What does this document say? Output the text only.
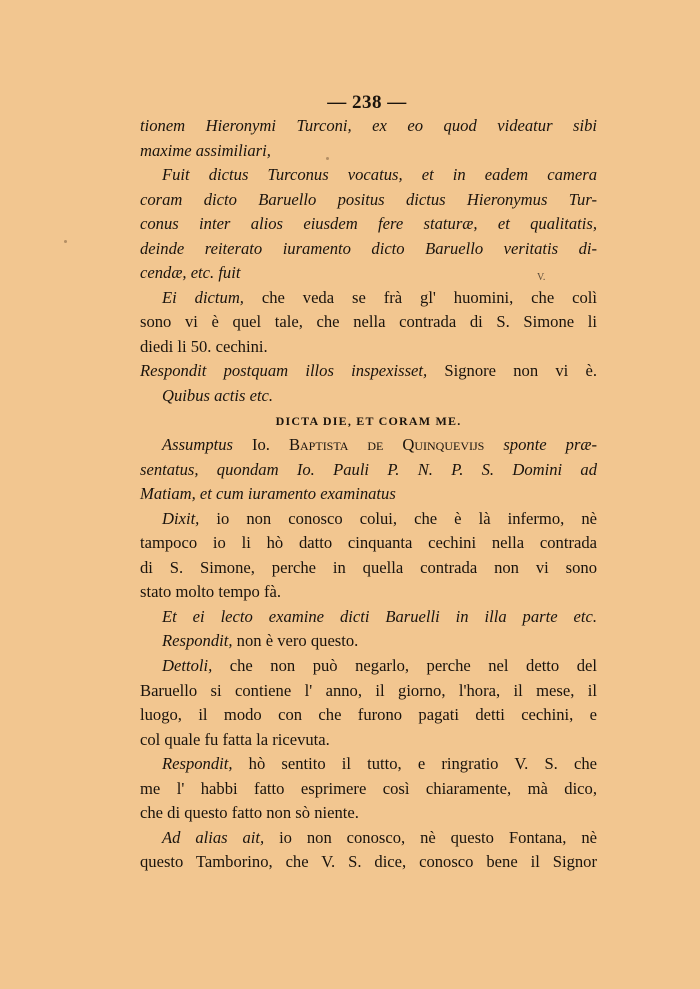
— 238 —
V.
tionem Hieronymi Turconi, ex eo quod videatur sibi
maxime assimiliari,
Fuit dictus Turconus vocatus, et in eadem camera
coram dicto Baruello positus dictus Hieronymus Tur-
conus inter alios eiusdem fere staturæ, et qualitatis,
deinde reiterato iuramento dicto Baruello veritatis di-
cendæ, etc. fuit
Ei dictum, che veda se frà gl' huomini, che colì
sono vi è quel tale, che nella contrada di S. Simone li
diedi li 50. cechini.
Respondit postquam illos inspexisset, Signore non vi è.
Quibus actis etc.
DICTA DIE, ET CORAM ME.
Assumptus Io. Baptista de Quinquevijs sponte præ-
sentatus, quondam Io. Pauli P. N. P. S. Domini ad
Matiam, et cum iuramento examinatus
Dixit, io non conosco colui, che è là infermo, nè
tampoco io li hò datto cinquanta cechini nella contrada
di S. Simone, perche in quella contrada non vi sono
stato molto tempo fà.
Et ei lecto examine dicti Baruelli in illa parte etc.
Respondit, non è vero questo.
Dettoli, che non può negarlo, perche nel detto del
Baruello si contiene l' anno, il giorno, l'hora, il mese, il
luogo, il modo con che furono pagati detti cechini, e
col quale fu fatta la ricevuta.
Respondit, hò sentito il tutto, e ringratio V. S. che
me l' habbi fatto esprimere così chiaramente, mà dico,
che di questo fatto non sò niente.
Ad alias ait, io non conosco, nè questo Fontana, nè
questo Tamborino, che V. S. dice, conosco bene il Signor
